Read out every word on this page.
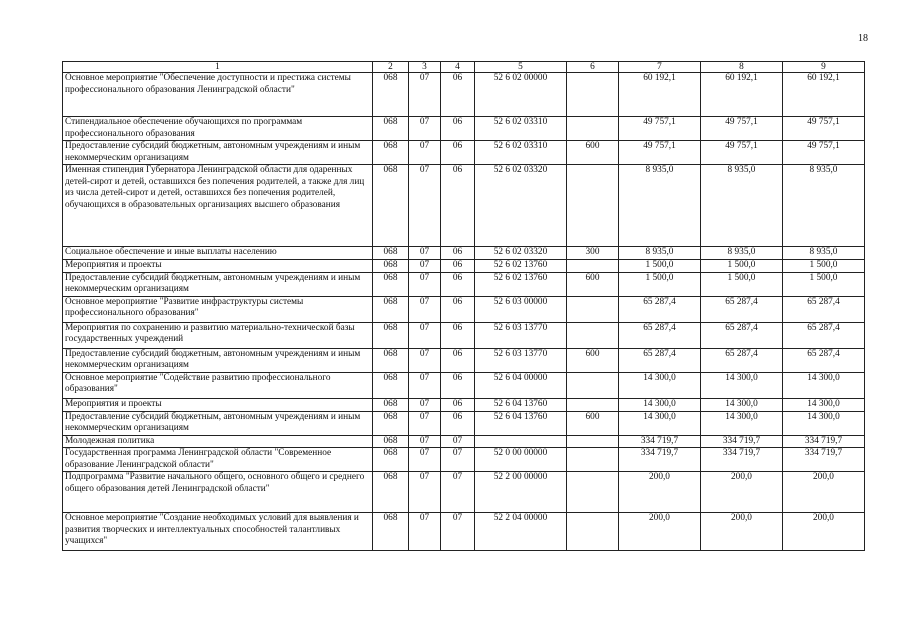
18
1	2	3	4	5	6	7	8	9
Основное мероприятие "Обеспечение доступности и престижа системы профессионального образования Ленинградской области"	068	07	06	52 6 02 00000		60 192,1	60 192,1	60 192,1
Стипендиальное обеспечение обучающихся по программам профессионального образования	068	07	06	52 6 02 03310		49 757,1	49 757,1	49 757,1
Предоставление субсидий бюджетным, автономным учреждениям и иным некоммерческим организациям	068	07	06	52 6 02 03310	600	49 757,1	49 757,1	49 757,1
Именная стипендия Губернатора Ленинградской области для одаренных детей-сирот и детей, оставшихся без попечения родителей, а также для лиц из числа детей-сирот и детей, оставшихся без попечения родителей, обучающихся в образовательных организациях высшего образования	068	07	06	52 6 02 03320		8 935,0	8 935,0	8 935,0
Социальное обеспечение и иные выплаты населению	068	07	06	52 6 02 03320	300	8 935,0	8 935,0	8 935,0
Мероприятия и проекты	068	07	06	52 6 02 13760		1 500,0	1 500,0	1 500,0
Предоставление субсидий бюджетным, автономным учреждениям и иным некоммерческим организациям	068	07	06	52 6 02 13760	600	1 500,0	1 500,0	1 500,0
Основное мероприятие "Развитие инфраструктуры системы профессионального образования"	068	07	06	52 6 03 00000		65 287,4	65 287,4	65 287,4
Мероприятия по сохранению и развитию материально-технической базы государственных учреждений	068	07	06	52 6 03 13770		65 287,4	65 287,4	65 287,4
Предоставление субсидий бюджетным, автономным учреждениям и иным некоммерческим организациям	068	07	06	52 6 03 13770	600	65 287,4	65 287,4	65 287,4
Основное мероприятие "Содействие развитию профессионального образования"	068	07	06	52 6 04 00000		14 300,0	14 300,0	14 300,0
Мероприятия и проекты	068	07	06	52 6 04 13760		14 300,0	14 300,0	14 300,0
Предоставление субсидий бюджетным, автономным учреждениям и иным некоммерческим организациям	068	07	06	52 6 04 13760	600	14 300,0	14 300,0	14 300,0
Молодежная политика	068	07	07			334 719,7	334 719,7	334 719,7
Государственная программа Ленинградской области "Современное образование Ленинградской области"	068	07	07	52 0 00 00000		334 719,7	334 719,7	334 719,7
Подпрограмма "Развитие начального общего, основного общего и среднего общего образования детей Ленинградской области"	068	07	07	52 2 00 00000		200,0	200,0	200,0
Основное мероприятие "Создание необходимых условий для выявления и развития творческих и интеллектуальных способностей талантливых учащихся"	068	07	07	52 2 04 00000		200,0	200,0	200,0
